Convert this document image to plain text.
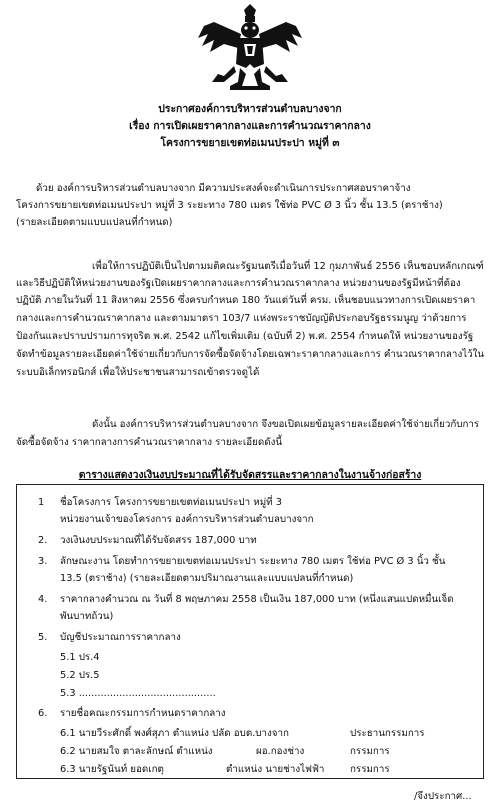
ประกาศองค์การบริหารส่วนตำบลบางจาก
เรื่อง การเปิดเผยราคากลางและการคำนวณราคากลาง
โครงการขยายเขตท่อเมนประปา หมู่ที่ ๓
ด้วย องค์การบริหารส่วนตำบลบางจาก มีความประสงค์จะดำเนินการประกาศสอบราคาจ้าง
โครงการขยายเขตท่อเมนประปา หมู่ที่ 3 ระยะทาง 780 เมตร ใช้ท่อ PVC Ø 3 นิ้ว ชั้น 13.5 (ตราช้าง)
(รายละเอียดตามแบบแปลนที่กำหนด)
เพื่อให้การปฏิบัติเป็นไปตามมติคณะรัฐมนตรีเมื่อวันที่ 12 กุมภาพันธ์ 2556 เห็นชอบหลักเกณฑ์
และวิธีปฏิบัติให้หน่วยงานของรัฐเปิดเผยราคากลางและการคำนวณราคากลาง หน่วยงานของรัฐมีหน้าที่ต้อง
ปฏิบัติ ภายในวันที่ 11 สิงหาคม 2556 ซึ่งครบกำหนด 180 วันแต่วันที่ ครม. เห็นชอบแนวทางการเปิดเผยราคา
กลางและการคำนวณราคากลาง และตามมาตรา 103/7 แห่งพระราชบัญญัติประกอบรัฐธรรมนูญ ว่าด้วยการ
ป้องกันและปราบปรามการทุจริต พ.ศ. 2542 แก้ไขเพิ่มเติม (ฉบับที่ 2) พ.ศ. 2554 กำหนดให้ หน่วยงานของรัฐ
จัดทำข้อมูลรายละเอียดค่าใช้จ่ายเกี่ยวกับการจัดซื้อจัดจ้างโดยเฉพาะราคากลางและการ คำนวณราคากลางไว้ใน
ระบบอิเล็กทรอนิกส์ เพื่อให้ประชาชนสามารถเข้าตรวจดูได้
ดังนั้น องค์การบริหารส่วนตำบลบางจาก จึงขอเปิดเผยข้อมูลรายละเอียดค่าใช้จ่ายเกี่ยวกับการ
จัดซื้อจัดจ้าง ราคากลางการคำนวณราคากลาง รายละเอียดดังนี้
ตารางแสดงวงเงินงบประมาณที่ได้รับจัดสรรและราคากลางในงานจ้างก่อสร้าง
1 ชื่อโครงการ โครงการขยายเขตท่อเมนประปา หมู่ที่ 3
หน่วยงานเจ้าของโครงการ องค์การบริหารส่วนตำบลบางจาก
2. วงเงินงบประมาณที่ได้รับจัดสรร 187,000 บาท
3. ลักษณะงาน โดยทำการขยายเขตท่อเมนประปา ระยะทาง 780 เมตร ใช้ท่อ PVC Ø 3 นิ้ว ชั้น
13.5 (ตราช้าง) (รายละเอียดตามปริมาณงานและแบบแปลนที่กำหนด)
4. ราคากลางคำนวณ ณ วันที่ 8 พฤษภาคม 2558 เป็นเงิน 187,000 บาท (หนึ่งแสนแปดหมื่นเจ็ด
พันบาทถ้วน)
5. บัญชีประมาณการราคากลาง
5.1 ปร.4
5.2 ปร.5
5.3 ............................................
6. รายชื่อคณะกรรมการกำหนดราคากลาง
6.1 นายวีระศักดิ์ พงศ์สุภา ตำแหน่ง ปลัด อบต.บางจาก	ประธานกรรมการ
6.2 นายสมใจ ตาละลักษณ์ ตำแหน่ง	ผอ.กองช่าง	กรรมการ
6.3 นายรัฐนันท์ ยอดเกตุ	ตำแหน่ง นายช่างไฟฟ้า	กรรมการ
/จึงประกาศ...
